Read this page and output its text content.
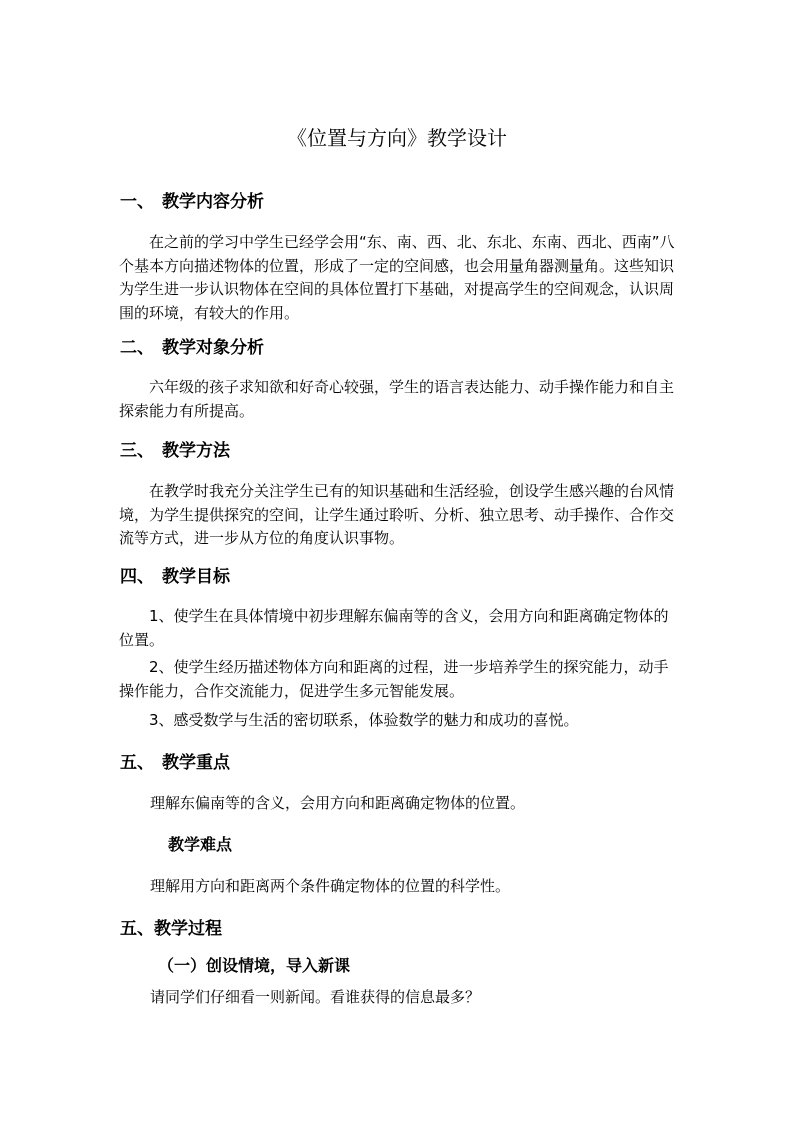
《位置与方向》教学设计
一、 教学内容分析

在之前的学习中学生已经学会用“东、南、西、北、东北、东南、西北、西南”八个基本方向描述物体的位置，形成了一定的空间感，也会用量角器测量角。这些知识为学生进一步认识物体在空间的具体位置打下基础，对提高学生的空间观念，认识周围的环境，有较大的作用。

二、 教学对象分析

六年级的孩子求知欲和好奇心较强，学生的语言表达能力、动手操作能力和自主探索能力有所提高。

三、 教学方法

在教学时我充分关注学生已有的知识基础和生活经验，创设学生感兴趣的台风情境，为学生提供探究的空间，让学生通过聆听、分析、独立思考、动手操作、合作交流等方式，进一步从方位的角度认识事物。

四、 教学目标

1、使学生在具体情境中初步理解东偏南等的含义，会用方向和距离确定物体的位置。

2、使学生经历描述物体方向和距离的过程，进一步培养学生的探究能力，动手操作能力，合作交流能力，促进学生多元智能发展。

3、感受数学与生活的密切联系，体验数学的魅力和成功的喜悦。

五、 教学重点
理解东偏南等的含义，会用方向和距离确定物体的位置。
教学难点
理解用方向和距离两个条件确定物体的位置的科学性。
五、教学过程
（一）创设情境，导入新课
请同学们仔细看一则新闻。看谁获得的信息最多？
